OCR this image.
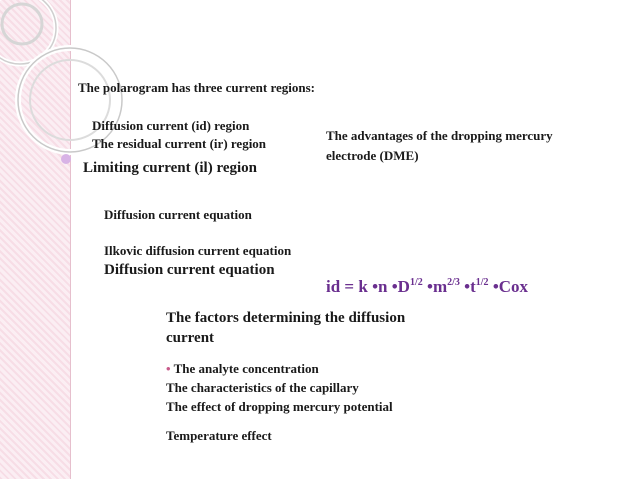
The polarogram has three current regions:
Diffusion current (id) region
The residual current (ir) region
The advantages of the dropping mercury
electrode (DME)
Limiting current (il) region
Diffusion current equation
Ilkovic diffusion current equation
Diffusion current equation
id = k •n $•D^{1/2}$ $•m^{2/3}$ $•t^{1/2}$ •Cox
The factors determining the diffusion
current
• The analyte concentration
The characteristics of the capillary
The effect of dropping mercury potential
Temperature effect
